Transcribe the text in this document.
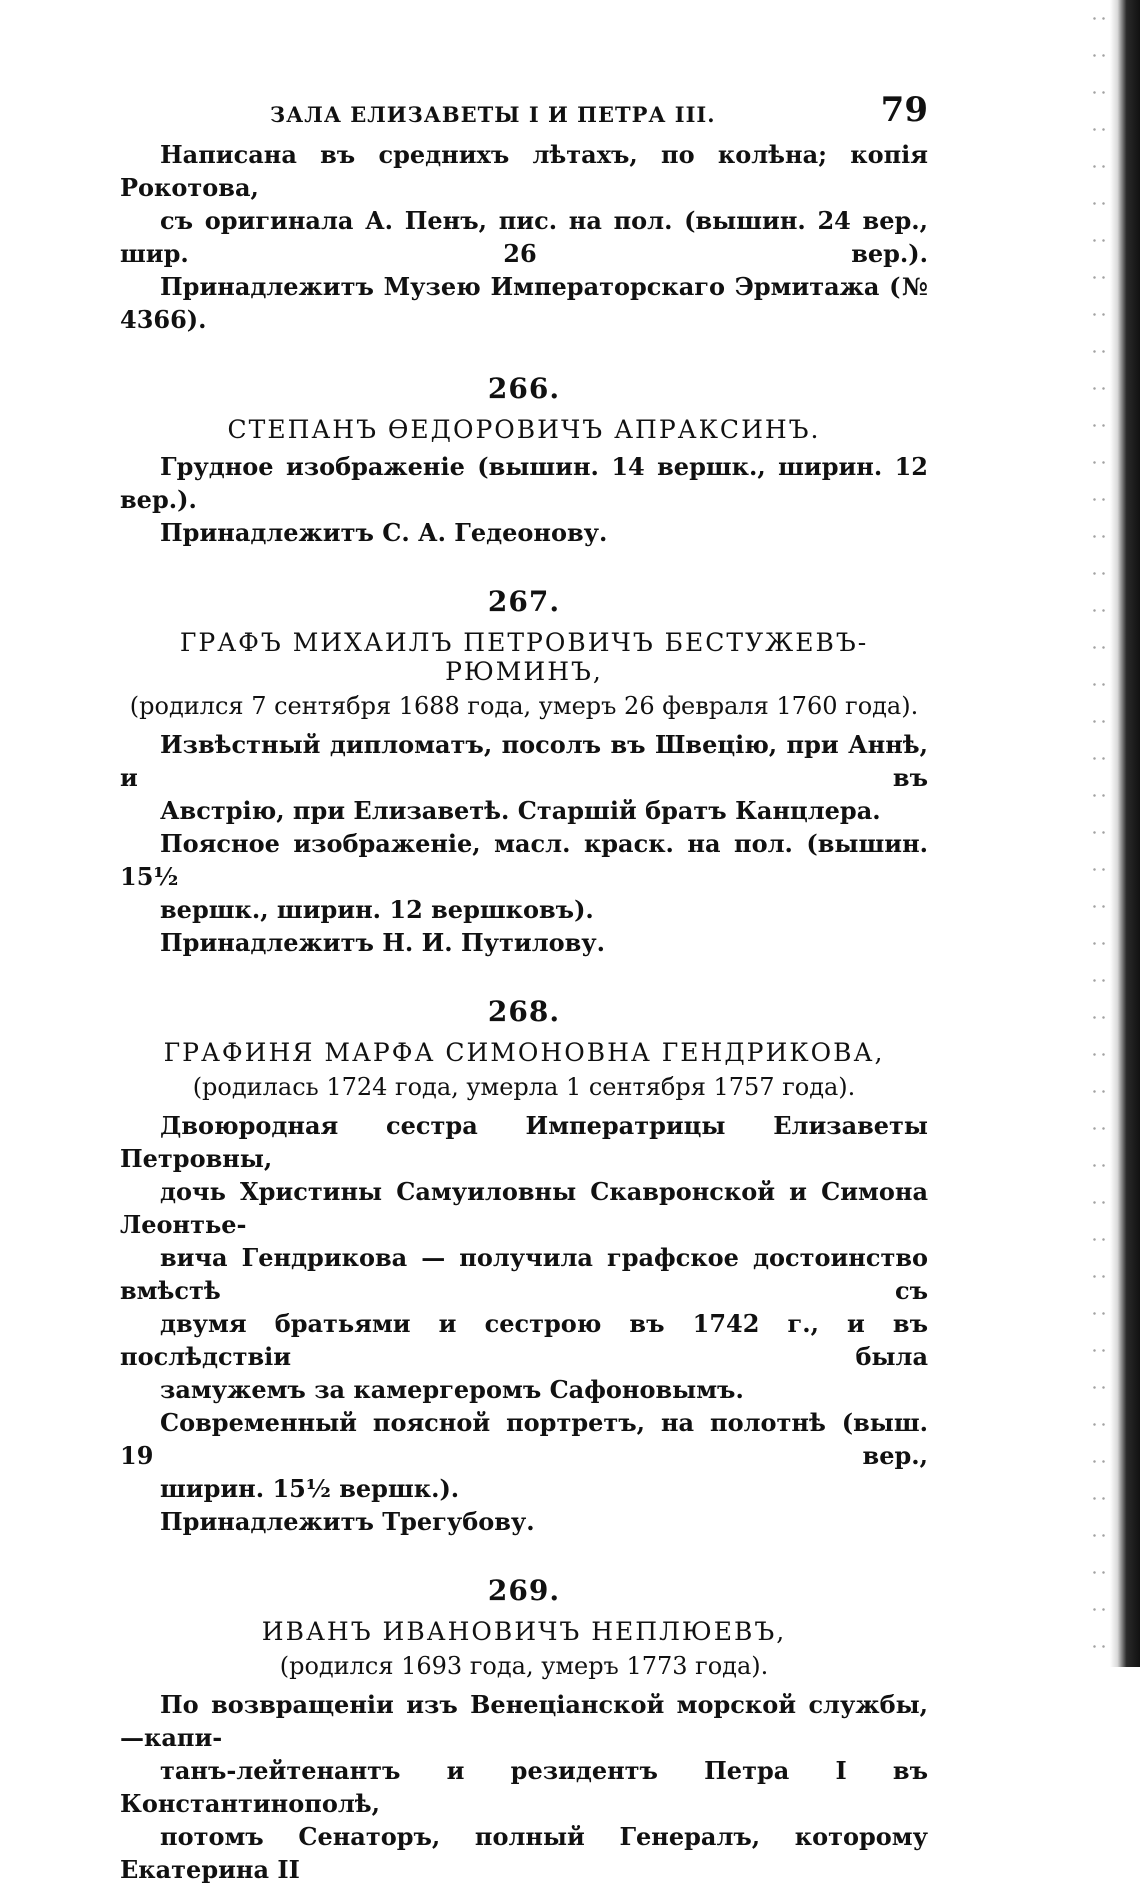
ЗАЛА ЕЛИЗАВЕТЫ I И ПЕТРА III.	79
Написана въ среднихъ лѣтахъ, по колѣна; копія Рокотова,
съ оригинала А. Пенъ, пис. на пол. (вышин. 24 вер., шир. 26 вер.).
Принадлежитъ Музею Императорскаго Эрмитажа (№ 4366).
266.
СТЕПАНЪ ѲЕДОРОВИЧЪ АПРАКСИНЪ.
Грудное изображеніе (вышин. 14 вершк., ширин. 12 вер.).
Принадлежитъ С. А. Гедеонову.
267.
ГРАФЪ МИХАИЛЪ ПЕТРОВИЧЪ БЕСТУЖЕВЪ-РЮМИНЪ,
(родился 7 сентября 1688 года, умеръ 26 февраля 1760 года).
Извѣстный дипломатъ, посолъ въ Швецію, при Аннѣ, и въ
Австрію, при Елизаветѣ. Старшій братъ Канцлера.
Поясное изображеніе, масл. краск. на пол. (вышин. 15½
вершк., ширин. 12 вершковъ).
Принадлежитъ Н. И. Путилову.
268.
ГРАФИНЯ МАРФА СИМОНОВНА ГЕНДРИКОВА,
(родилась 1724 года, умерла 1 сентября 1757 года).
Двоюродная сестра Императрицы Елизаветы Петровны,
дочь Христины Самуиловны Скавронской и Симона Леонтье-
вича Гендрикова — получила графское достоинство вмѣстѣ съ
двумя братьями и сестрою въ 1742 г., и въ послѣдствіи была
замужемъ за камергеромъ Сафоновымъ.
Современный поясной портретъ, на полотнѣ (выш. 19 вер.,
ширин. 15½ вершк.).
Принадлежитъ Трегубову.
269.
ИВАНЪ ИВАНОВИЧЪ НЕПЛЮЕВЪ,
(родился 1693 года, умеръ 1773 года).
По возвращеніи изъ Венеціанской морской службы,—капи-
танъ-лейтенантъ и резидентъ Петра I въ Константинополѣ,
потомъ Сенаторъ, полный Генералъ, которому Екатерина II
